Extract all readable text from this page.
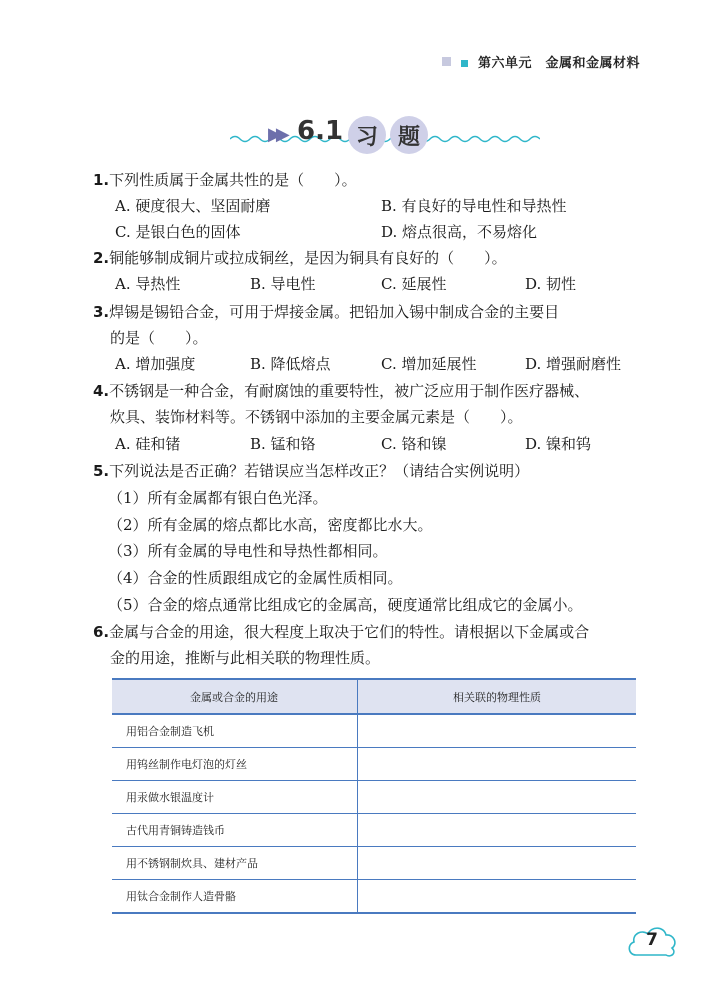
第六单元　金属和金属材料
▶▶ 6.1 习 题
1.下列性质属于金属共性的是（　　）。
A. 硬度很大、坚固耐磨	B. 有良好的导电性和导热性
C. 是银白色的固体	D. 熔点很高，不易熔化
2.铜能够制成铜片或拉成铜丝，是因为铜具有良好的（　　）。
A. 导热性	B. 导电性	C. 延展性	D. 韧性
3.焊锡是锡铅合金，可用于焊接金属。把铅加入锡中制成合金的主要目
的是（　　）。
A. 增加强度	B. 降低熔点	C. 增加延展性	D. 增强耐磨性
4.不锈钢是一种合金，有耐腐蚀的重要特性，被广泛应用于制作医疗器械、
炊具、装饰材料等。不锈钢中添加的主要金属元素是（　　）。
A. 硅和锗	B. 锰和铬	C. 铬和镍	D. 镍和钨
5.下列说法是否正确？若错误应当怎样改正？（请结合实例说明）
（1）所有金属都有银白色光泽。
（2）所有金属的熔点都比水高，密度都比水大。
（3）所有金属的导电性和导热性都相同。
（4）合金的性质跟组成它的金属性质相同。
（5）合金的熔点通常比组成它的金属高，硬度通常比组成它的金属小。
6.金属与合金的用途，很大程度上取决于它们的特性。请根据以下金属或合
金的用途，推断与此相关联的物理性质。
金属或合金的用途	相关联的物理性质
用铝合金制造飞机	
用钨丝制作电灯泡的灯丝	
用汞做水银温度计	
古代用青铜铸造钱币	
用不锈钢制炊具、建材产品	
用钛合金制作人造骨骼	
7
